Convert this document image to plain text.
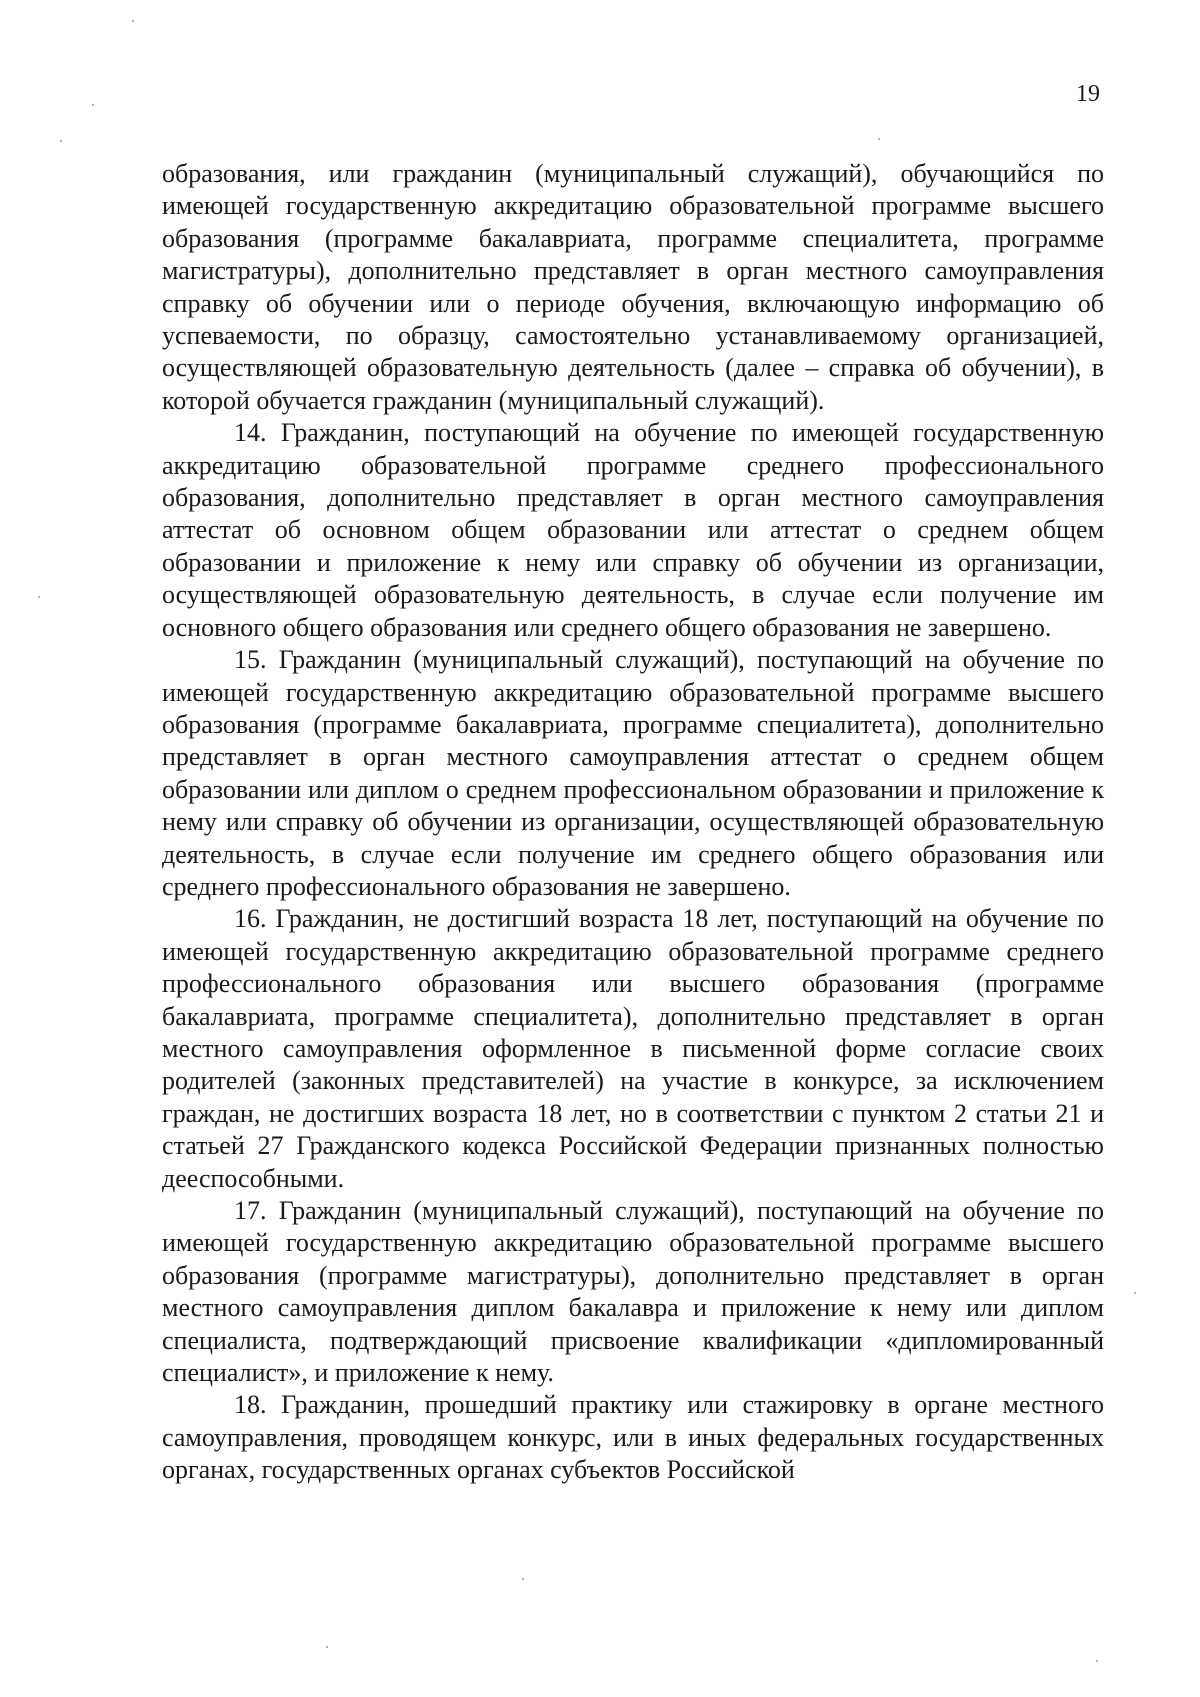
19

образования, или гражданин (муниципальный служащий), обучающийся по имеющей государственную аккредитацию образовательной программе высшего образования (программе бакалавриата, программе специалитета, программе магистратуры), дополнительно представляет в орган местного самоуправления справку об обучении или о периоде обучения, включающую информацию об успеваемости, по образцу, самостоятельно устанавливаемому организацией, осуществляющей образовательную деятельность (далее – справка об обучении), в которой обучается гражданин (муниципальный служащий).

14. Гражданин, поступающий на обучение по имеющей государственную аккредитацию образовательной программе среднего профессионального образования, дополнительно представляет в орган местного самоуправления аттестат об основном общем образовании или аттестат о среднем общем образовании и приложение к нему или справку об обучении из организации, осуществляющей образовательную деятельность, в случае если получение им основного общего образования или среднего общего образования не завершено.

15. Гражданин (муниципальный служащий), поступающий на обучение по имеющей государственную аккредитацию образовательной программе высшего образования (программе бакалавриата, программе специалитета), дополнительно представляет в орган местного самоуправления аттестат о среднем общем образовании или диплом о среднем профессиональном образовании и приложение к нему или справку об обучении из организации, осуществляющей образовательную деятельность, в случае если получение им среднего общего образования или среднего профессионального образования не завершено.

16. Гражданин, не достигший возраста 18 лет, поступающий на обучение по имеющей государственную аккредитацию образовательной программе среднего профессионального образования или высшего образования (программе бакалавриата, программе специалитета), дополнительно представляет в орган местного самоуправления оформленное в письменной форме согласие своих родителей (законных представителей) на участие в конкурсе, за исключением граждан, не достигших возраста 18 лет, но в соответствии с пунктом 2 статьи 21 и статьей 27 Гражданского кодекса Российской Федерации признанных полностью дееспособными.

17. Гражданин (муниципальный служащий), поступающий на обучение по имеющей государственную аккредитацию образовательной программе высшего образования (программе магистратуры), дополнительно представляет в орган местного самоуправления диплом бакалавра и приложение к нему или диплом специалиста, подтверждающий присвоение квалификации «дипломированный специалист», и приложение к нему.

18. Гражданин, прошедший практику или стажировку в органе местного самоуправления, проводящем конкурс, или в иных федеральных государственных органах, государственных органах субъектов Российской
